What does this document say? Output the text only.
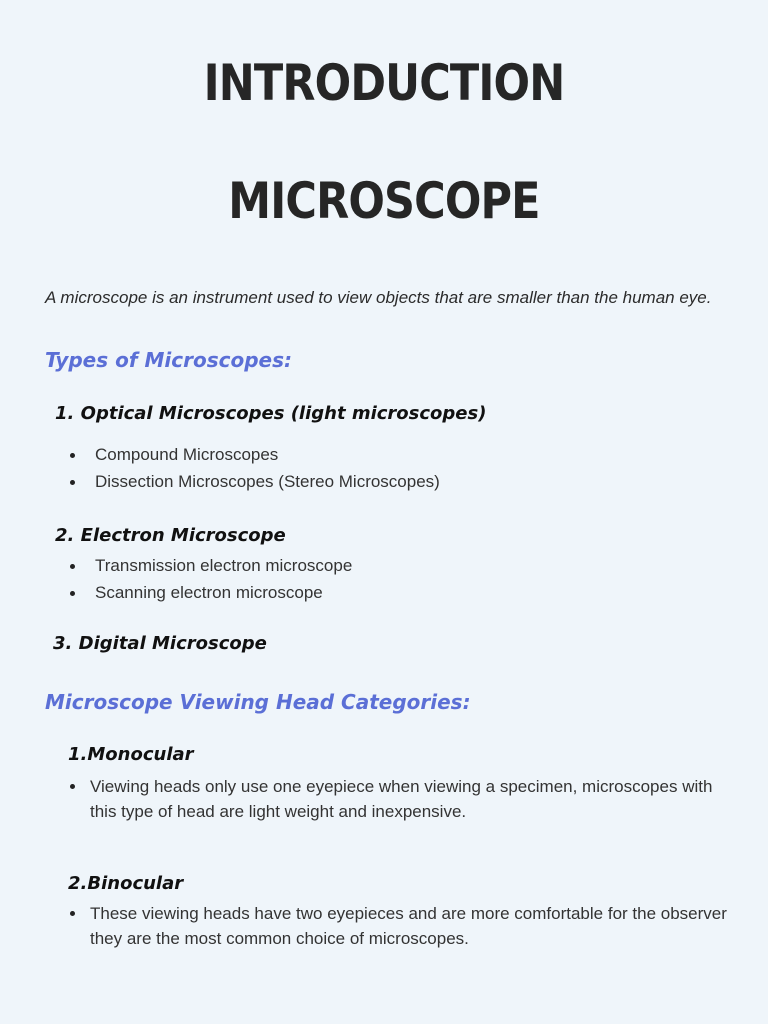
INTRODUCTION
MICROSCOPE

A microscope is an instrument used to view objects that are smaller than the human eye.

Types of Microscopes:
1. Optical Microscopes (light microscopes)
Compound Microscopes
Dissection Microscopes (Stereo Microscopes)
2. Electron Microscope
Transmission electron microscope
Scanning electron microscope
3. Digital Microscope
Microscope Viewing Head Categories:
1.Monocular
Viewing heads only use one eyepiece when viewing a specimen, microscopes with this type of head are light weight and inexpensive.
2.Binocular
These viewing heads have two eyepieces and are more comfortable for the observer they are the most common choice of microscopes.
